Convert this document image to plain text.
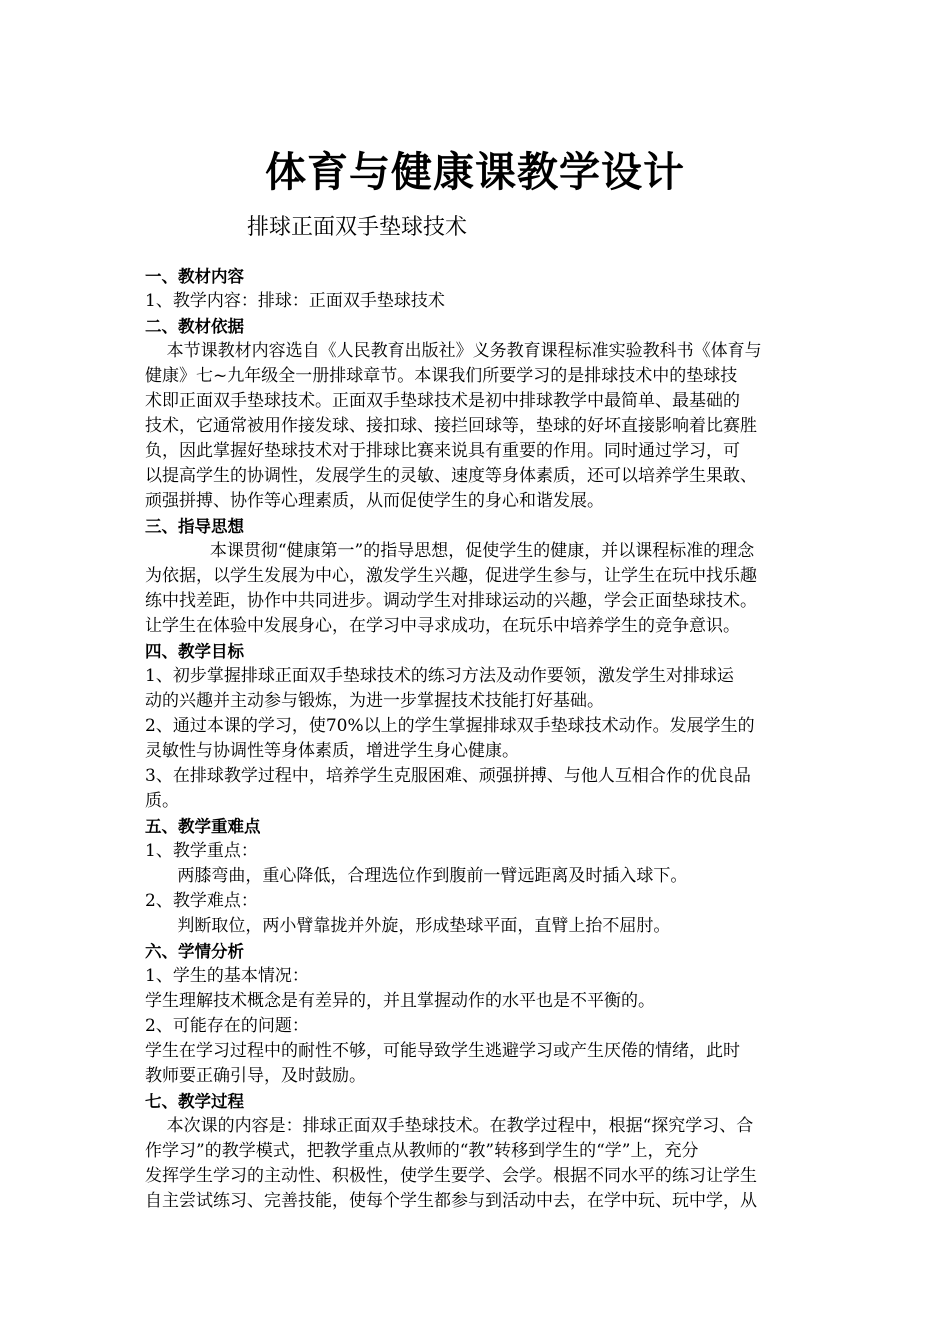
体育与健康课教学设计
排球正面双手垫球技术
一、教材内容
1、教学内容：排球：正面双手垫球技术
二、教材依据
本节课教材内容选自《人民教育出版社》义务教育课程标准实验教科书《体育与
健康》七~九年级全一册排球章节。本课我们所要学习的是排球技术中的垫球技
术即正面双手垫球技术。正面双手垫球技术是初中排球教学中最简单、最基础的
技术，它通常被用作接发球、接扣球、接拦回球等，垫球的好坏直接影响着比赛胜
负，因此掌握好垫球技术对于排球比赛来说具有重要的作用。同时通过学习，可
以提高学生的协调性，发展学生的灵敏、速度等身体素质，还可以培养学生果敢、
顽强拼搏、协作等心理素质，从而促使学生的身心和谐发展。
三、指导思想
本课贯彻“健康第一”的指导思想，促使学生的健康，并以课程标准的理念
为依据，以学生发展为中心，激发学生兴趣，促进学生参与，让学生在玩中找乐趣
练中找差距，协作中共同进步。调动学生对排球运动的兴趣，学会正面垫球技术。
让学生在体验中发展身心，在学习中寻求成功，在玩乐中培养学生的竞争意识。
四、教学目标
1、初步掌握排球正面双手垫球技术的练习方法及动作要领，激发学生对排球运
动的兴趣并主动参与锻炼，为进一步掌握技术技能打好基础。
2、通过本课的学习，使70%以上的学生掌握排球双手垫球技术动作。发展学生的
灵敏性与协调性等身体素质，增进学生身心健康。
3、在排球教学过程中，培养学生克服困难、顽强拼搏、与他人互相合作的优良品
质。
五、教学重难点
1、教学重点：
两膝弯曲，重心降低，合理选位作到腹前一臂远距离及时插入球下。
2、教学难点：
判断取位，两小臂靠拢并外旋，形成垫球平面，直臂上抬不屈肘。
六、学情分析
1、学生的基本情况：
学生理解技术概念是有差异的，并且掌握动作的水平也是不平衡的。
2、可能存在的问题：
学生在学习过程中的耐性不够，可能导致学生逃避学习或产生厌倦的情绪，此时
教师要正确引导，及时鼓励。
七、教学过程
本次课的内容是：排球正面双手垫球技术。在教学过程中，根据“探究学习、合
作学习”的教学模式，把教学重点从教师的“教”转移到学生的“学”上，充分
发挥学生学习的主动性、积极性，使学生要学、会学。根据不同水平的练习让学生
自主尝试练习、完善技能，使每个学生都参与到活动中去，在学中玩、玩中学，从
